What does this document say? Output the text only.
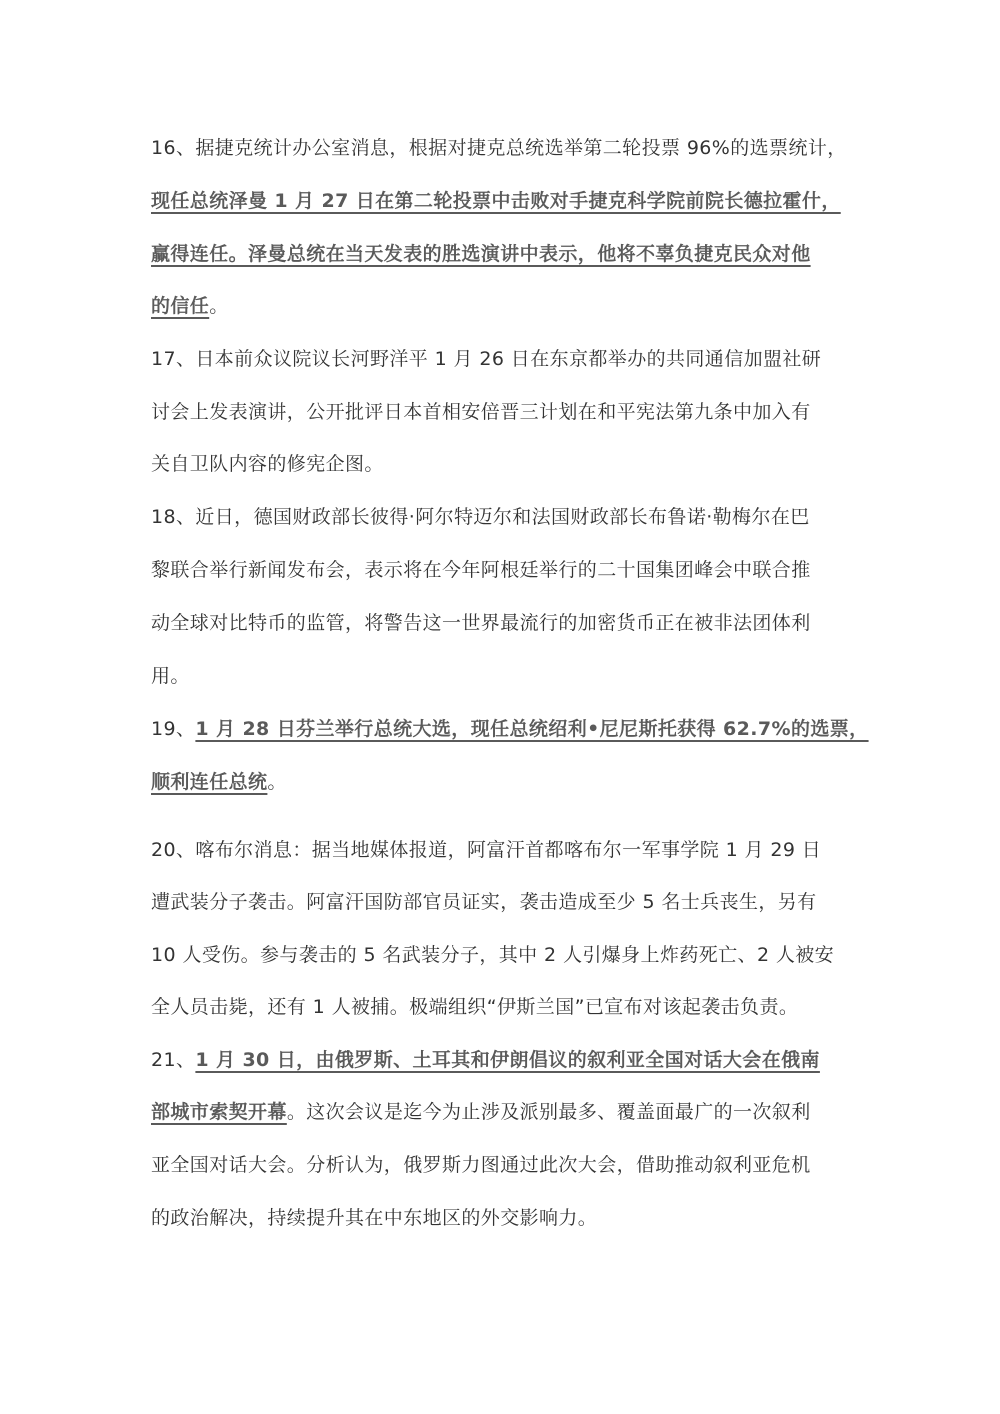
16、据捷克统计办公室消息，根据对捷克总统选举第二轮投票 96%的选票统计，
现任总统泽曼 1 月 27 日在第二轮投票中击败对手捷克科学院前院长德拉霍什，
赢得连任。泽曼总统在当天发表的胜选演讲中表示，他将不辜负捷克民众对他
的信任。
17、日本前众议院议长河野洋平 1 月 26 日在东京都举办的共同通信加盟社研
讨会上发表演讲，公开批评日本首相安倍晋三计划在和平宪法第九条中加入有
关自卫队内容的修宪企图。
18、近日，德国财政部长彼得·阿尔特迈尔和法国财政部长布鲁诺·勒梅尔在巴
黎联合举行新闻发布会，表示将在今年阿根廷举行的二十国集团峰会中联合推
动全球对比特币的监管，将警告这一世界最流行的加密货币正在被非法团体利
用。
19、1 月 28 日芬兰举行总统大选，现任总统绍利•尼尼斯托获得 62.7%的选票，
顺利连任总统。
20、喀布尔消息：据当地媒体报道，阿富汗首都喀布尔一军事学院 1 月 29 日
遭武装分子袭击。阿富汗国防部官员证实，袭击造成至少 5 名士兵丧生，另有
10 人受伤。参与袭击的 5 名武装分子，其中 2 人引爆身上炸药死亡、2 人被安
全人员击毙，还有 1 人被捕。极端组织“伊斯兰国”已宣布对该起袭击负责。
21、1 月 30 日，由俄罗斯、土耳其和伊朗倡议的叙利亚全国对话大会在俄南
部城市索契开幕。这次会议是迄今为止涉及派别最多、覆盖面最广的一次叙利
亚全国对话大会。分析认为，俄罗斯力图通过此次大会，借助推动叙利亚危机
的政治解决，持续提升其在中东地区的外交影响力。
